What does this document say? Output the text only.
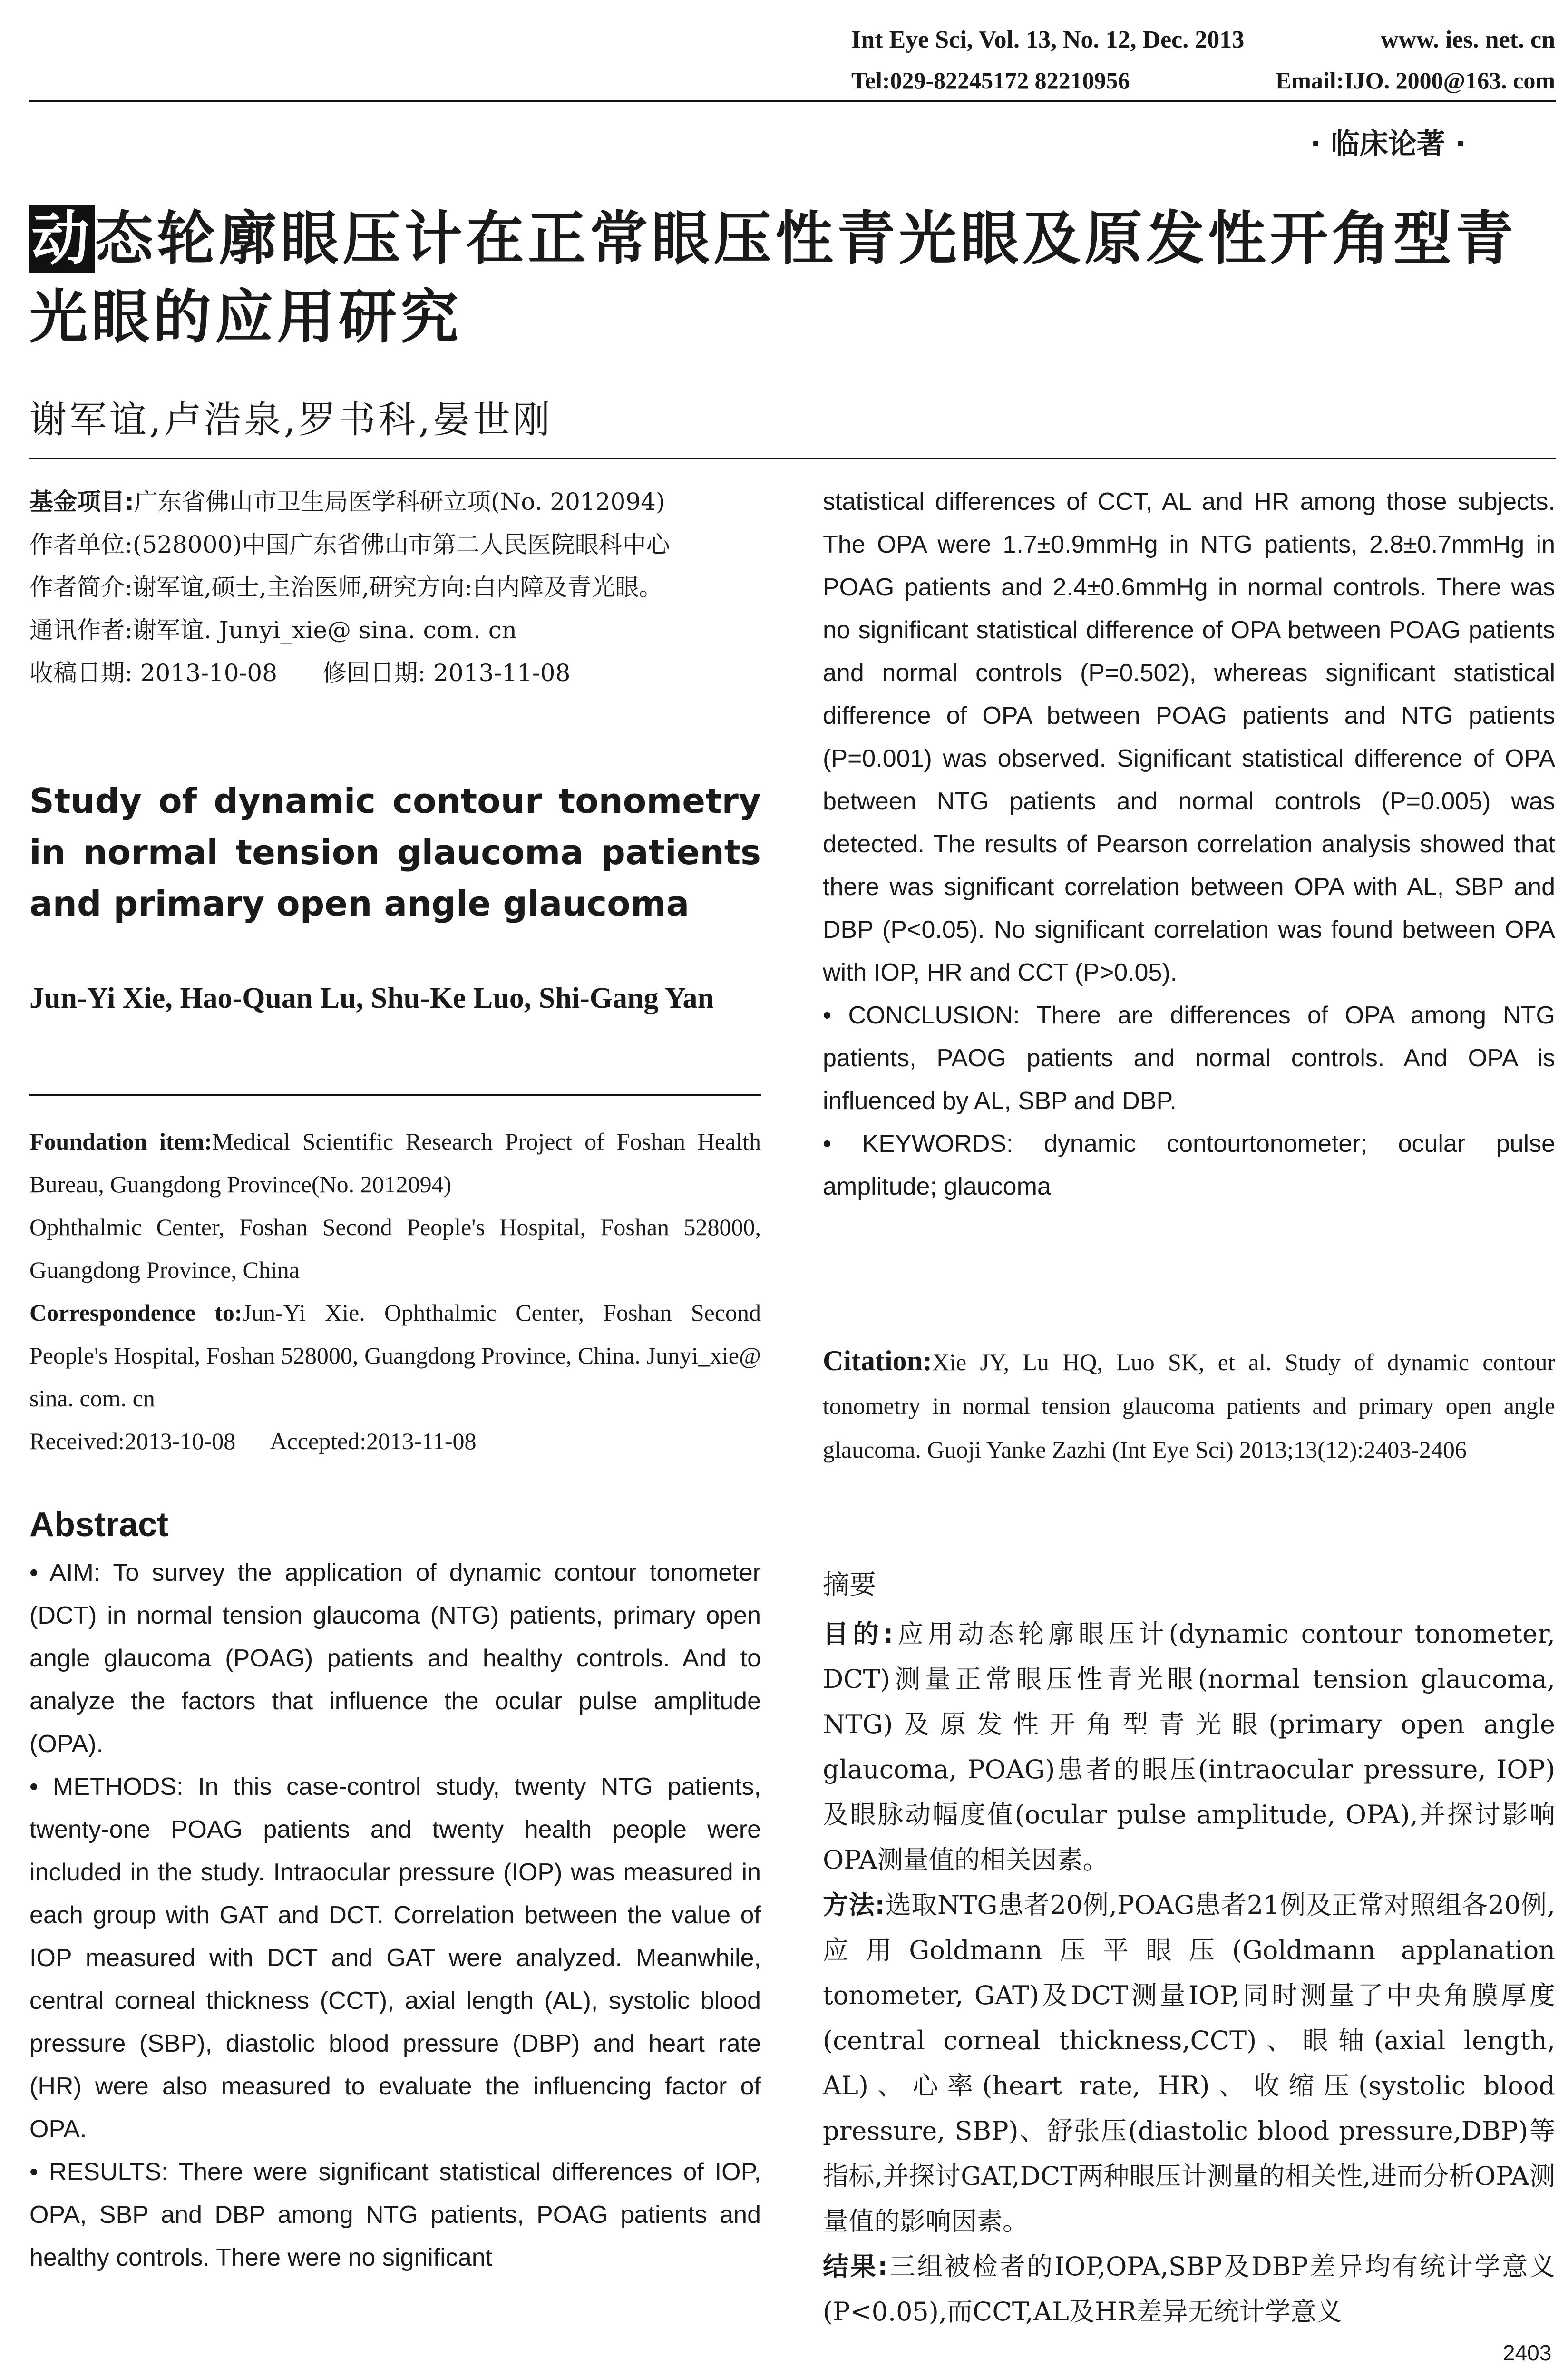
Int Eye Sci, Vol. 13, No. 12, Dec. 2013	www. ies. net. cn
Tel:029-82245172 82210956	Email:IJO. 2000@163. com
· 临床论著 ·
动态轮廓眼压计在正常眼压性青光眼及原发性开角型青光眼的应用研究
谢军谊,卢浩泉,罗书科,晏世刚

基金项目:广东省佛山市卫生局医学科研立项(No. 2012094)

作者单位:(528000)中国广东省佛山市第二人民医院眼科中心

作者简介:谢军谊,硕士,主治医师,研究方向:白内障及青光眼。

通讯作者:谢军谊. Junyi_xie@ sina. com. cn

收稿日期: 2013-10-08      修回日期: 2013-11-08

Study of dynamic contour tonometry in normal tension glaucoma patients and primary open angle glaucoma
Jun-Yi Xie, Hao-Quan Lu, Shu-Ke Luo, Shi-Gang Yan

Foundation item:Medical Scientific Research Project of Foshan Health Bureau, Guangdong Province(No. 2012094)

Ophthalmic Center, Foshan Second People's Hospital, Foshan 528000, Guangdong Province, China

Correspondence to:Jun-Yi Xie. Ophthalmic Center, Foshan Second People's Hospital, Foshan 528000, Guangdong Province, China. Junyi_xie@ sina. com. cn

Received:2013-10-08      Accepted:2013-11-08

Abstract

• AIM: To survey the application of dynamic contour tonometer (DCT) in normal tension glaucoma (NTG) patients, primary open angle glaucoma (POAG) patients and healthy controls. And to analyze the factors that influence the ocular pulse amplitude (OPA).

• METHODS: In this case-control study, twenty NTG patients, twenty-one POAG patients and twenty health people were included in the study. Intraocular pressure (IOP) was measured in each group with GAT and DCT. Correlation between the value of IOP measured with DCT and GAT were analyzed. Meanwhile, central corneal thickness (CCT), axial length (AL), systolic blood pressure (SBP), diastolic blood pressure (DBP) and heart rate (HR) were also measured to evaluate the influencing factor of OPA.

• RESULTS: There were significant statistical differences of IOP, OPA, SBP and DBP among NTG patients, POAG patients and healthy controls. There were no significant

statistical differences of CCT, AL and HR among those subjects. The OPA were 1.7±0.9mmHg in NTG patients, 2.8±0.7mmHg in POAG patients and 2.4±0.6mmHg in normal controls. There was no significant statistical difference of OPA between POAG patients and normal controls (P=0.502), whereas significant statistical difference of OPA between POAG patients and NTG patients (P=0.001) was observed. Significant statistical difference of OPA between NTG patients and normal controls (P=0.005) was detected. The results of Pearson correlation analysis showed that there was significant correlation between OPA with AL, SBP and DBP (P<0.05). No significant correlation was found between OPA with IOP, HR and CCT (P>0.05).

• CONCLUSION: There are differences of OPA among NTG patients, PAOG patients and normal controls. And OPA is influenced by AL, SBP and DBP.

• KEYWORDS: dynamic contourtonometer; ocular pulse amplitude; glaucoma

Citation:Xie JY, Lu HQ, Luo SK, et al. Study of dynamic contour tonometry in normal tension glaucoma patients and primary open angle glaucoma. Guoji Yanke Zazhi (Int Eye Sci) 2013;13(12):2403-2406

摘要

目的:应用动态轮廓眼压计(dynamic contour tonometer, DCT)测量正常眼压性青光眼(normal tension glaucoma, NTG)及原发性开角型青光眼(primary open angle glaucoma, POAG)患者的眼压(intraocular pressure, IOP)及眼脉动幅度值(ocular pulse amplitude, OPA),并探讨影响OPA测量值的相关因素。

方法:选取NTG患者20例,POAG患者21例及正常对照组各20例,应用Goldmann压平眼压(Goldmann applanation tonometer, GAT)及DCT测量IOP,同时测量了中央角膜厚度(central corneal thickness,CCT)、眼轴(axial length, AL)、心率(heart rate, HR)、收缩压(systolic blood pressure, SBP)、舒张压(diastolic blood pressure,DBP)等指标,并探讨GAT,DCT两种眼压计测量的相关性,进而分析OPA测量值的影响因素。

结果:三组被检者的IOP,OPA,SBP及DBP差异均有统计学意义(P<0.05),而CCT,AL及HR差异无统计学意义

2403
